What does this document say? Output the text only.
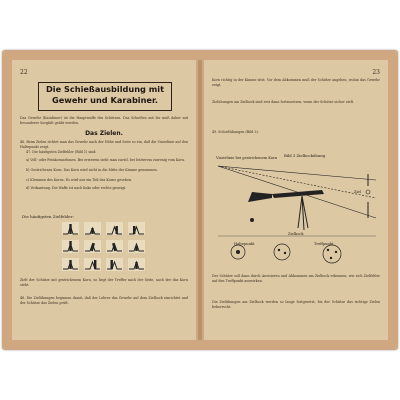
22
Die Schießausbildung mit Gewehr und Karabiner.
Das Gewehr (Karabiner) ist die Hauptwaffe des Schützen. Das Schießen mit ihr muß daher mit besonderer Sorgfalt geübt werden.
Das Zielen.
46. Beim Zielen richtet man das Gewehr nach der Höhe und Seite so ein, daß die Visierlinie auf den Haltepunkt zeigt.
47. Die häufigsten Zielfehler (Bild 1) sind:
a) Voll- oder Feinkornnehmen. Bei ersterem sieht man zuviel, bei letzterem zuwenig vom Korn.
b) Gestrichenes Korn. Das Korn wird nicht in die Mitte der Kimme genommen.
c) Klemmen des Korns. Es wird nur ein Teil des Korns gesehen.
d) Verkantung. Die Waffe ist nach links oder rechts geneigt.
Die häufigsten Zielfehler:
Zielt der Schütze mit gestrichenem Korn, so liegt der Treffer nach der Seite, nach der das Korn steht.
48. Die Zielübungen beginnen damit, daß der Lehrer das Gewehr auf dem Zielbock einrichtet und der Schütze das Zielen prüft.
23
Korn richtig in der Kimme sitzt. Vor dem Abkommen muß der Schütze angeben, wohin das Gewehr zeigt.
Zielübungen am Zielbock sind erst dann fortzusetzen, wenn der Schütze sicher zielt.
49. Schießübungen (Bild 3).
Bild 3 Zielbockübung
Visierlinie bei gestrichenem Korn
Ziel
Zielbock
Haltepunkt	Treffpunkt
Der Schütze soll dann durch Anvisieren und Abkommen am Zielbock erkennen, wie sich Zielfehler auf den Treffpunkt auswirken.
Die Zielübungen am Zielbock werden so lange fortgesetzt, bis der Schütze das richtige Zielen beherrscht.
